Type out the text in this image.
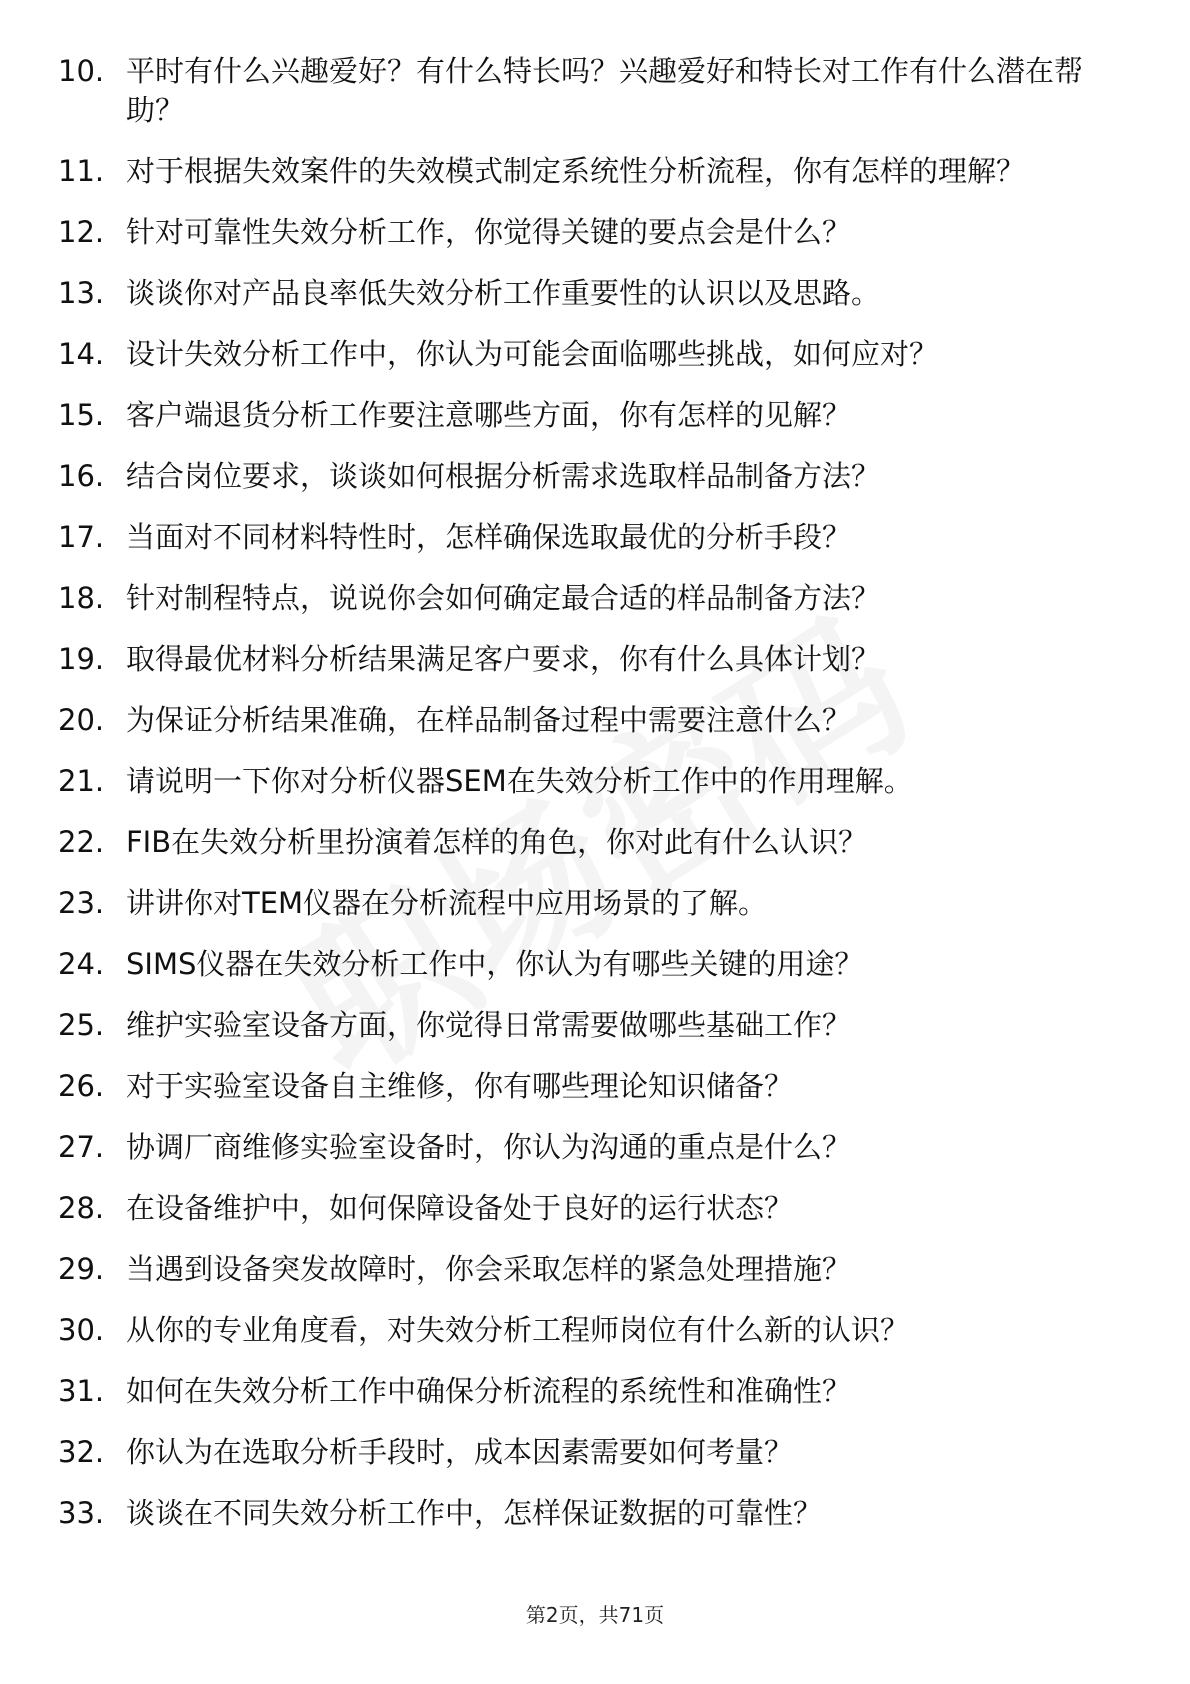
10. 平时有什么兴趣爱好？有什么特长吗？兴趣爱好和特长对工作有什么潜在帮助？
11. 对于根据失效案件的失效模式制定系统性分析流程，你有怎样的理解？
12. 针对可靠性失效分析工作，你觉得关键的要点会是什么？
13. 谈谈你对产品良率低失效分析工作重要性的认识以及思路。
14. 设计失效分析工作中，你认为可能会面临哪些挑战，如何应对？
15. 客户端退货分析工作要注意哪些方面，你有怎样的见解？
16. 结合岗位要求，谈谈如何根据分析需求选取样品制备方法？
17. 当面对不同材料特性时，怎样确保选取最优的分析手段？
18. 针对制程特点，说说你会如何确定最合适的样品制备方法？
19. 取得最优材料分析结果满足客户要求，你有什么具体计划？
20. 为保证分析结果准确，在样品制备过程中需要注意什么？
21. 请说明一下你对分析仪器SEM在失效分析工作中的作用理解。
22. FIB在失效分析里扮演着怎样的角色，你对此有什么认识？
23. 讲讲你对TEM仪器在分析流程中应用场景的了解。
24. SIMS仪器在失效分析工作中，你认为有哪些关键的用途？
25. 维护实验室设备方面，你觉得日常需要做哪些基础工作？
26. 对于实验室设备自主维修，你有哪些理论知识储备？
27. 协调厂商维修实验室设备时，你认为沟通的重点是什么？
28. 在设备维护中，如何保障设备处于良好的运行状态？
29. 当遇到设备突发故障时，你会采取怎样的紧急处理措施？
30. 从你的专业角度看，对失效分析工程师岗位有什么新的认识？
31. 如何在失效分析工作中确保分析流程的系统性和准确性？
32. 你认为在选取分析手段时，成本因素需要如何考量？
33. 谈谈在不同失效分析工作中，怎样保证数据的可靠性？
第2页，共71页
